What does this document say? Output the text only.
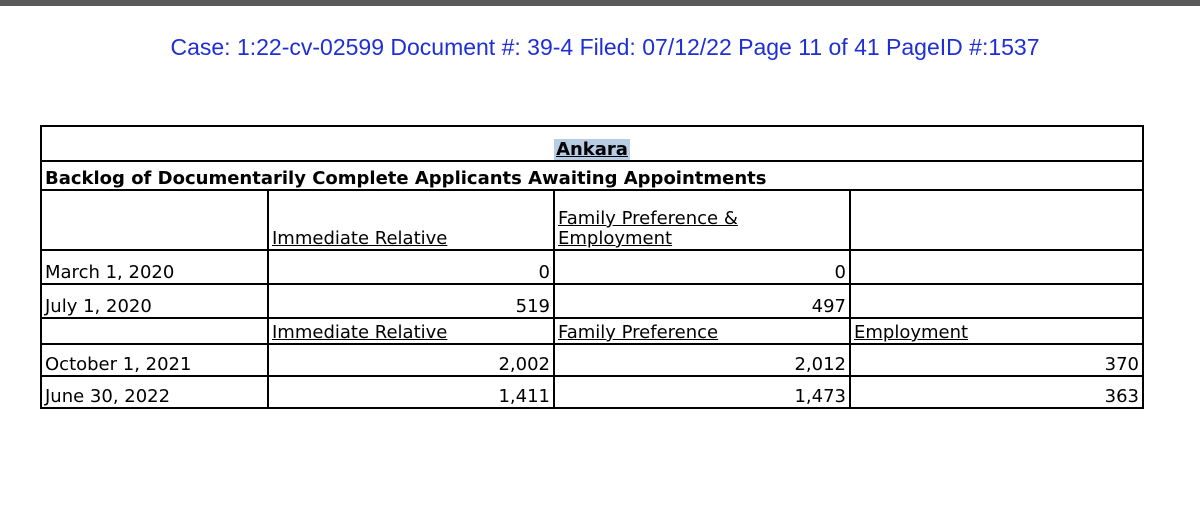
Case: 1:22-cv-02599 Document #: 39-4 Filed: 07/12/22 Page 11 of 41 PageID #:1537
Ankara			
Backlog of Documentarily Complete Applicants Awaiting Appointments			
	Immediate Relative	Family Preference & Employment	
March 1, 2020	0	0	
July 1, 2020	519	497	
	Immediate Relative	Family Preference	Employment
October 1, 2021	2,002	2,012	370
June 30, 2022	1,411	1,473	363
